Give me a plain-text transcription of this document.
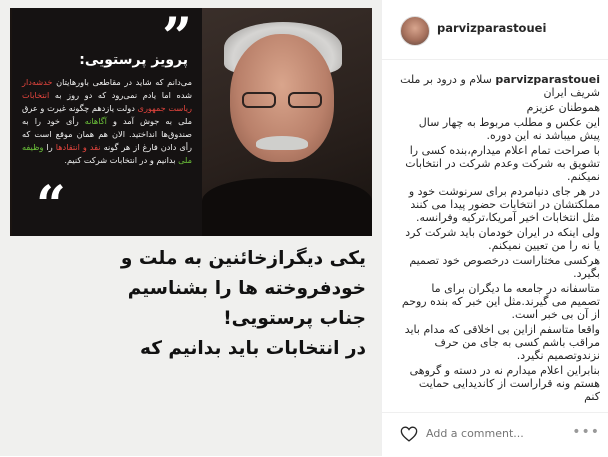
”
پرویز پرستویی:
می‌دانم که شاید در مقاطعی باورهایتان خدشه‌دار شده اما یادم نمی‌رود که دو روز به انتخابات ریاست جمهوری دولت یازدهم چگونه غیرت و عرق ملی به جوش آمد و آگاهانه رأی خود را به صندوق‌ها انداختید. الان هم همان موقع است که رأی دادن فارغ از هر گونه نقد و انتقادها را وظیفه ملی بدانیم و در انتخابات شرکت کنیم.
“
یکی دیگرازخائنین به ملت و
خودفروخته ها را بشناسیم
جناب پرستویی!
در انتخابات باید بدانیم که
parvizparastouei

parvizparastouei سلام و درود بر ملت شریف ایران

هموطنان عزیزم

این عکس و مطلب مربوط به چهار سال پیش میباشد نه این دوره.

با صراحت تمام اعلام میدارم،بنده کسی را تشویق به شرکت وعدم شرکت در انتخابات نمیکنم.

در هر جای دنیامردم برای سرنوشت خود و مملکتشان در انتخابات حضور پیدا می کنند مثل انتخابات اخیر آمریکا،ترکیه وفرانسه.

ولی اینکه در ایران خودمان باید شرکت کرد یا نه را من تعیین نمیکنم.

هرکسی مختاراست درخصوص خود تصمیم بگیرد.

متاسفانه در جامعه ما دیگران برای ما تصمیم می گیرند.مثل این خبر که بنده روحم از آن بی خبر است.

واقعا متاسفم ازاین بی اخلاقی که مدام باید مراقب باشم کسی به جای من حرف نزندوتصمیم نگیرد.

بنابراین اعلام میدارم نه در دسته و گروهی هستم ونه قراراست از کاندیدایی حمایت کنم

Add a comment...
•••
